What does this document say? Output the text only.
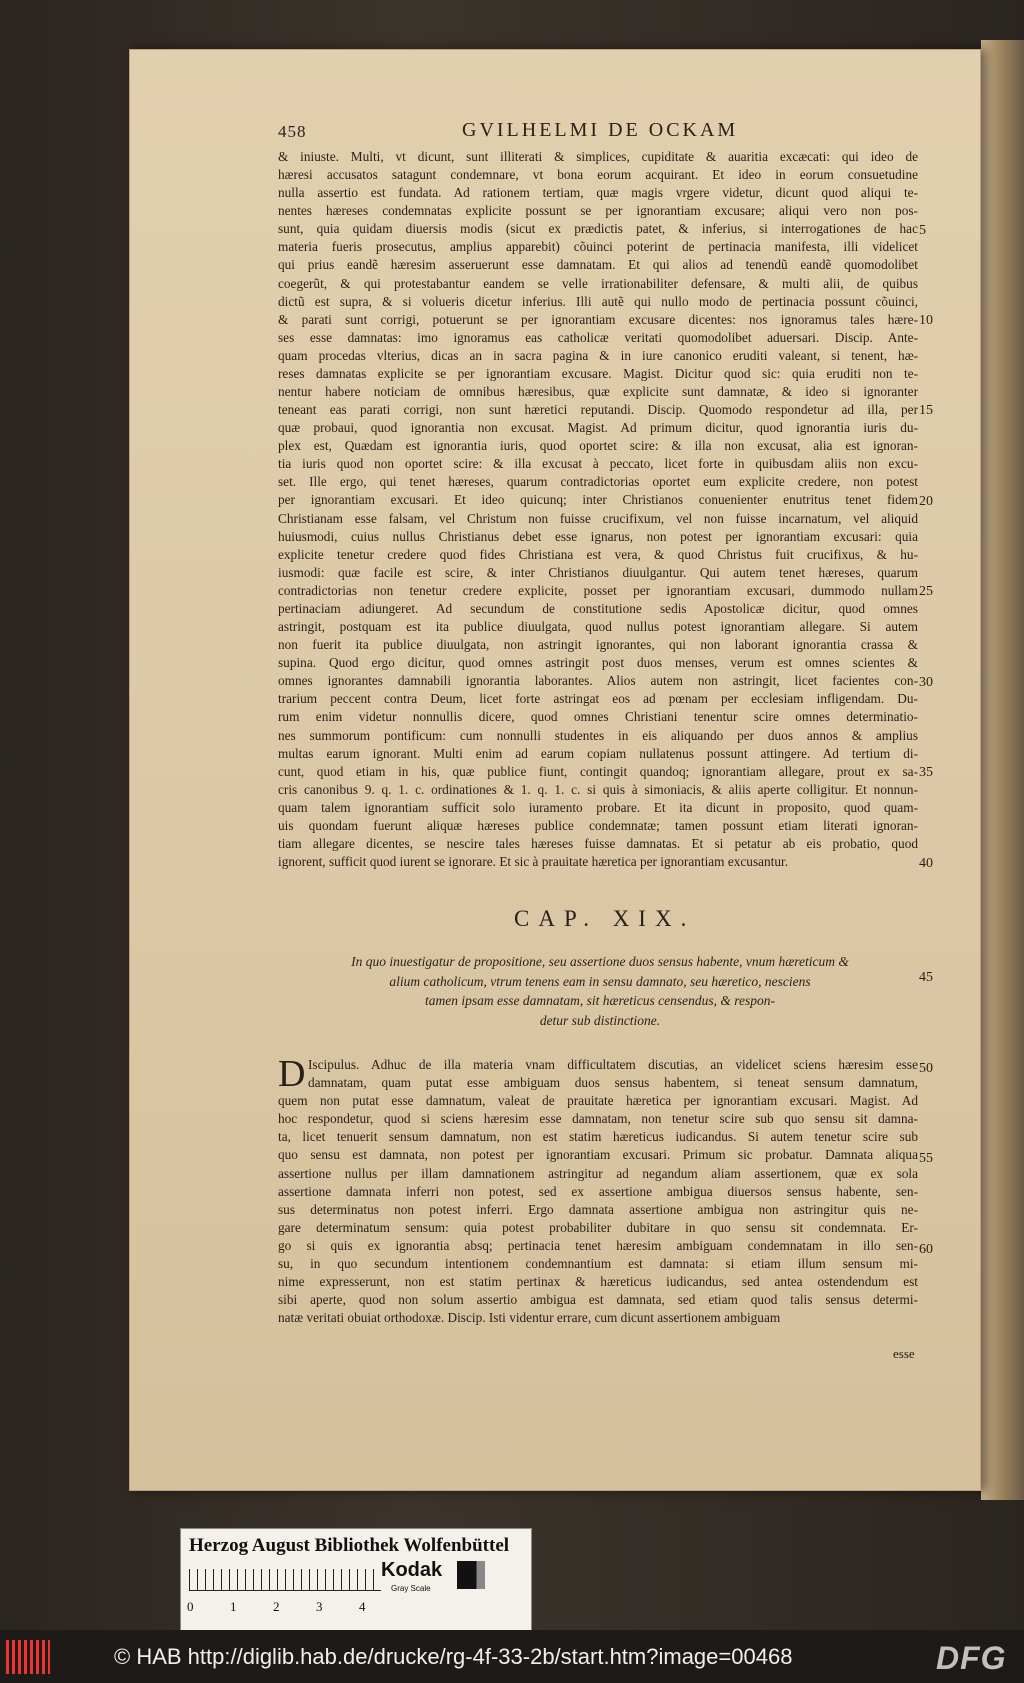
458	GVILHELMI DE OCKAM
& iniuste. Multi, vt dicunt, sunt illiterati & simplices, cupiditate & auaritia excæcati: qui ideo de
hæresi accusatos satagunt condemnare, vt bona eorum acquirant. Et ideo in eorum consuetudine
nulla assertio est fundata. Ad rationem tertiam, quæ magis vrgere videtur, dicunt quod aliqui te-
nentes hæreses condemnatas explicite possunt se per ignorantiam excusare; aliqui vero non pos-
sunt, quia quidam diuersis modis (sicut ex prædictis patet, & inferius, si interrogationes de hac
materia fueris prosecutus, amplius apparebit) cõuinci poterint de pertinacia manifesta, illi videlicet
qui prius eandẽ hæresim asseruerunt esse damnatam. Et qui alios ad tenendũ eandẽ quomodolibet
coegerũt, & qui protestabantur eandem se velle irrationabiliter defensare, & multi alii, de quibus
dictũ est supra, & si volueris dicetur inferius. Illi autẽ qui nullo modo de pertinacia possunt cõuinci,
& parati sunt corrigi, potuerunt se per ignorantiam excusare dicentes: nos ignoramus tales hære-
ses esse damnatas: imo ignoramus eas catholicæ veritati quomodolibet aduersari. Discip. Ante-
quam procedas vlterius, dicas an in sacra pagina & in iure canonico eruditi valeant, si tenent, hæ-
reses damnatas explicite se per ignorantiam excusare. Magist. Dicitur quod sic: quia eruditi non te-
nentur habere noticiam de omnibus hæresibus, quæ explicite sunt damnatæ, & ideo si ignoranter
teneant eas parati corrigi, non sunt hæretici reputandi. Discip. Quomodo respondetur ad illa, per
quæ probaui, quod ignorantia non excusat. Magist. Ad primum dicitur, quod ignorantia iuris du-
plex est, Quædam est ignorantia iuris, quod oportet scire: & illa non excusat, alia est ignoran-
tia iuris quod non oportet scire: & illa excusat à peccato, licet forte in quibusdam aliis non excu-
set. Ille ergo, qui tenet hæreses, quarum contradictorias oportet eum explicite credere, non potest
per ignorantiam excusari. Et ideo quicunq; inter Christianos conuenienter enutritus tenet fidem
Christianam esse falsam, vel Christum non fuisse crucifixum, vel non fuisse incarnatum, vel aliquid
huiusmodi, cuius nullus Christianus debet esse ignarus, non potest per ignorantiam excusari: quia
explicite tenetur credere quod fides Christiana est vera, & quod Christus fuit crucifixus, & hu-
iusmodi: quæ facile est scire, & inter Christianos diuulgantur. Qui autem tenet hæreses, quarum
contradictorias non tenetur credere explicite, posset per ignorantiam excusari, dummodo nullam
pertinaciam adiungeret. Ad secundum de constitutione sedis Apostolicæ dicitur, quod omnes
astringit, postquam est ita publice diuulgata, quod nullus potest ignorantiam allegare. Si autem
non fuerit ita publice diuulgata, non astringit ignorantes, qui non laborant ignorantia crassa &
supina. Quod ergo dicitur, quod omnes astringit post duos menses, verum est omnes scientes &
omnes ignorantes damnabili ignorantia laborantes. Alios autem non astringit, licet facientes con-
trarium peccent contra Deum, licet forte astringat eos ad pœnam per ecclesiam infligendam. Du-
rum enim videtur nonnullis dicere, quod omnes Christiani tenentur scire omnes determinatio-
nes summorum pontificum: cum nonnulli studentes in eis aliquando per duos annos & amplius
multas earum ignorant. Multi enim ad earum copiam nullatenus possunt attingere. Ad tertium di-
cunt, quod etiam in his, quæ publice fiunt, contingit quandoq; ignorantiam allegare, prout ex sa-
cris canonibus 9. q. 1. c. ordinationes & 1. q. 1. c. si quis à simoniacis, & aliis aperte colligitur. Et nonnun-
quam talem ignorantiam sufficit solo iuramento probare. Et ita dicunt in proposito, quod quam-
uis quondam fuerunt aliquæ hæreses publice condemnatæ; tamen possunt etiam literati ignoran-
tiam allegare dicentes, se nescire tales hæreses fuisse damnatas. Et si petatur ab eis probatio, quod
ignorent, sufficit quod iurent se ignorare. Et sic à prauitate hæretica per ignorantiam excusantur.
CAP. XIX.
In quo inuestigatur de propositione, seu assertione duos sensus habente, vnum hæreticum &
alium catholicum, vtrum tenens eam in sensu damnato, seu hæretico, nesciens
tamen ipsam esse damnatam, sit hæreticus censendus, & respon-
detur sub distinctione.
D Iscipulus. Adhuc de illa materia vnam difficultatem discutias, an videlicet sciens hæresim esse
damnatam, quam putat esse ambiguam duos sensus habentem, si teneat sensum damnatum,
quem non putat esse damnatum, valeat de prauitate hæretica per ignorantiam excusari. Magist. Ad
hoc respondetur, quod si sciens hæresim esse damnatam, non tenetur scire sub quo sensu sit damna-
ta, licet tenuerit sensum damnatum, non est statim hæreticus iudicandus. Si autem tenetur scire sub
quo sensu est damnata, non potest per ignorantiam excusari. Primum sic probatur. Damnata aliqua
assertione nullus per illam damnationem astringitur ad negandum aliam assertionem, quæ ex sola
assertione damnata inferri non potest, sed ex assertione ambigua diuersos sensus habente, sen-
sus determinatus non potest inferri. Ergo damnata assertione ambigua non astringitur quis ne-
gare determinatum sensum: quia potest probabiliter dubitare in quo sensu sit condemnata. Er-
go si quis ex ignorantia absq; pertinacia tenet hæresim ambiguam condemnatam in illo sen-
su, in quo secundum intentionem condemnantium est damnata: si etiam illum sensum mi-
nime expresserunt, non est statim pertinax & hæreticus iudicandus, sed antea ostendendum est
sibi aperte, quod non solum assertio ambigua est damnata, sed etiam quod talis sensus determi-
natæ veritati obuiat orthodoxæ. Discip. Isti videntur errare, cum dicunt assertionem ambiguam
esse
5
10
15
20
25
30
35
40
45
50
55
60
Herzog August Bibliothek Wolfenbüttel
0	1	2	3	4
Kodak
Gray Scale
© HAB http://diglib.hab.de/drucke/rg-4f-33-2b/start.htm?image=00468	DFG
